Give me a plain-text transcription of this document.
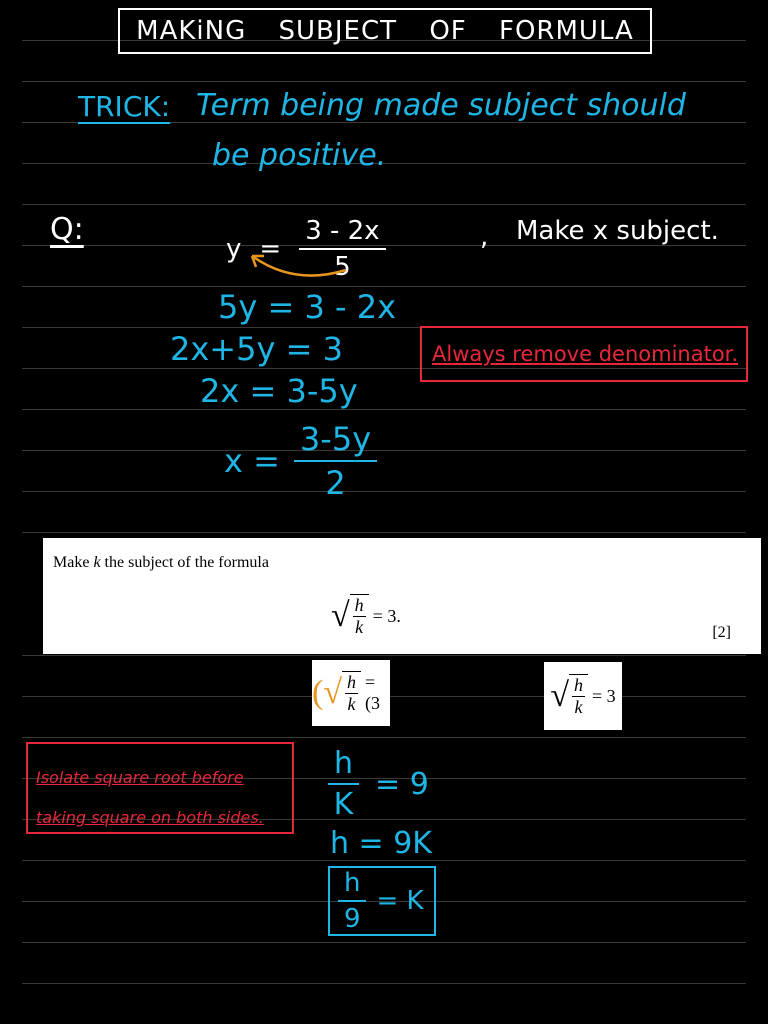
MAKiNG SUBJECT OF FORMULA
TRICK: Term being made subject should
be positive.
Q:
$y = \frac{3 - 2x}{5}$	, Make x subject.
5y = 3 - 2x
2x+5y = 3
2x = 3-5y
$x = \frac{3-5y}{2}$
Always remove denominator.
Make k the subject of the formula
√ $\frac{h}{k} = 3$.
[2]
(√ h
k
=(3	√ h
k
= 3
Isolate square root before
taking square on both sides.	$\frac{h}{K} = 9$
h = 9K
$\frac{h}{9} = K$
